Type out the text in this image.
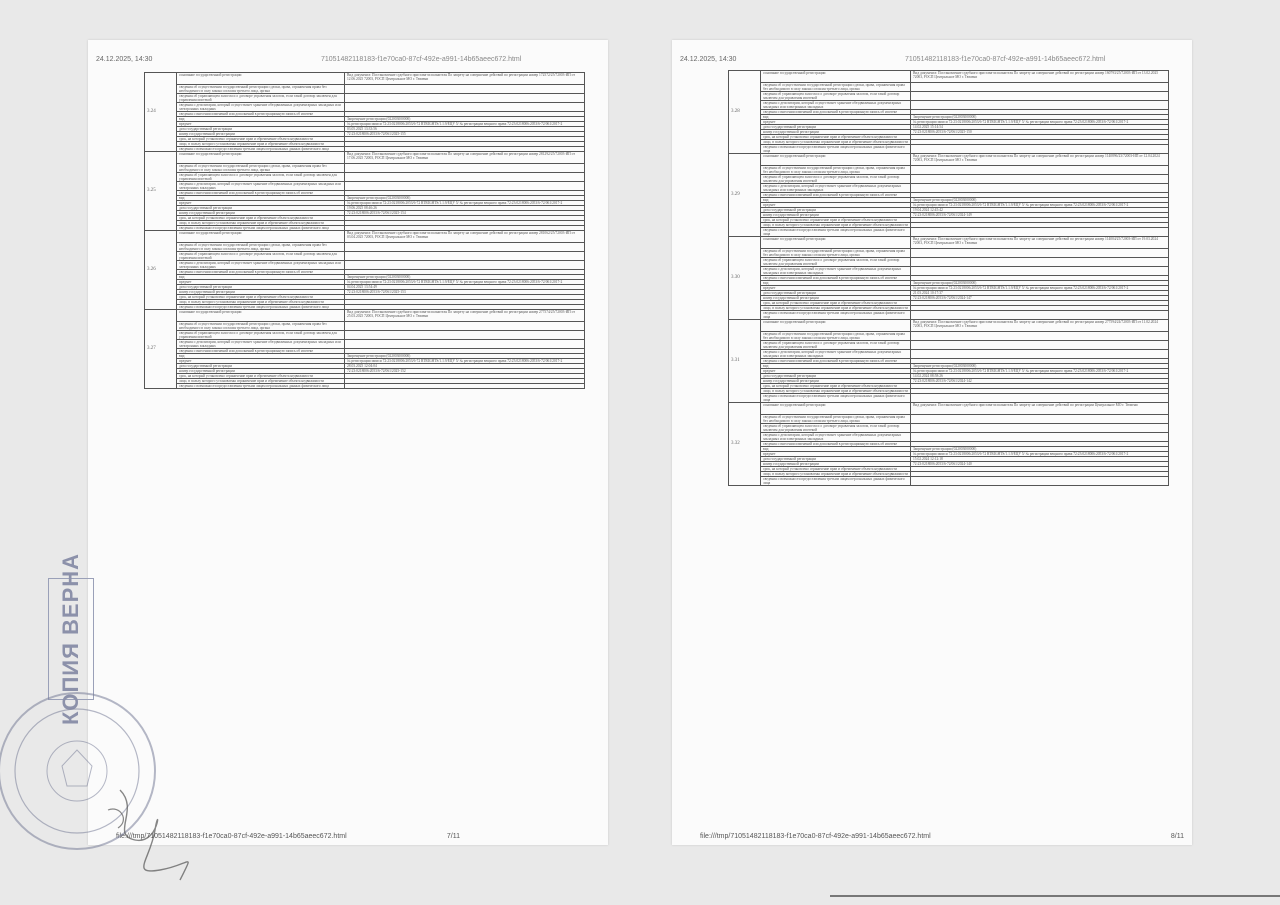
24.12.2025, 14:30	71051482118183-f1e70ca0-87cf-492e-a991-14b65aeec672.html
3.24	основание государственной регистрации	Вид документа: Постановление судебного пристава-исполнителя По запрету на совершение действий по регистрации номер 172572/25/72003-ИП от 12.06.2025 72003, РОСП Центральное МО г. Тюмени
	сведения об осуществлении государственной регистрации сделки, права, ограничения права без необходимого в силу закона согласия третьего лица, органа	
	сведения об управляющем залогом и о договоре управления залогом, если такой договор заключен для управления ипотекой	
	сведения о депозитарии, который осуществляет хранение обездвиженных документарных закладных или электронных закладных	
	сведения о внесении изменений или дополнений в регистрационную запись об ипотеке	
	вид	Запрещение регистрации (022003000000)
	предмет	№ регистрации записи 72:23:0218006:2053/6-72 RTRIGHTS/1.1.9/ЕЦУ 5/ № регистрации вещного права 72:23:0218006:2053/6-72/061/2017-2
	дата государственной регистрации	03.05.2025 13:33:56
	номер государственной регистрации	72:23:0218006:2053/6-72/061/2025-155
	срок, на который установлено ограничение прав и обременение объекта недвижимости	
	лицо, в пользу которого установлены ограничение прав и обременение объекта недвижимости	
	сведения о возможности предоставления третьим лицам персональных данных физического лица	
3.25	основание государственной регистрации	Вид документа: Постановление судебного пристава-исполнителя По запрету на совершение действий по регистрации номер 281292/25/72003-ИП от 17.06.2025 72003, РОСП Центральное МО г. Тюмени
	сведения об осуществлении государственной регистрации сделки, права, ограничения права без необходимого в силу закона согласия третьего лица, органа	
	сведения об управляющем залогом и о договоре управления залогом, если такой договор заключен для управления ипотекой	
	сведения о депозитарии, который осуществляет хранение обездвиженных документарных закладных или электронных закладных	
	сведения о внесении изменений или дополнений в регистрационную запись об ипотеке	
	вид	Запрещение регистрации (022003000000)
	предмет	№ регистрации записи 72:23:0218006:2053/6-72 RTRIGHTS/1.1.9/ЕЦУ 5/ № регистрации вещного права 72:23:0218006:2053/6-72/061/2017-2
	дата государственной регистрации	19.06.2025 08:46:26
	номер государственной регистрации	72:23:0218006:2053/6-72/061/2025-154
	срок, на который установлено ограничение прав и обременение объекта недвижимости	
	лицо, в пользу которого установлены ограничение прав и обременение объекта недвижимости	
	сведения о возможности предоставления третьим лицам персональных данных физического лица	
3.26	основание государственной регистрации	Вид документа: Постановление судебного пристава-исполнителя По запрету на совершение действий по регистрации номер 281062/25/72003-ИП от 03.04.2025 72003, РОСП Центральное МО г. Тюмени
	сведения об осуществлении государственной регистрации сделки, права, ограничения права без необходимого в силу закона согласия третьего лица, органа	
	сведения об управляющем залогом и о договоре управления залогом, если такой договор заключен для управления ипотекой	
	сведения о депозитарии, который осуществляет хранение обездвиженных документарных закладных или электронных закладных	
	сведения о внесении изменений или дополнений в регистрационную запись об ипотеке	
	вид	Запрещение регистрации (022003000000)
	предмет	№ регистрации записи 72:23:0218006:2053/6-72 RTRIGHTS/1.1.9/ЕЦУ 5/ № регистрации вещного права 72:23:0218006:2053/6-72/061/2017-2
	дата государственной регистрации	04.04.2025 13:54:49
	номер государственной регистрации	72:23:0218006:2053/6-72/061/2025-153
	срок, на который установлено ограничение прав и обременение объекта недвижимости	
	лицо, в пользу которого установлены ограничение прав и обременение объекта недвижимости	
	сведения о возможности предоставления третьим лицам персональных данных физического лица	
3.27	основание государственной регистрации	Вид документа: Постановление судебного пристава-исполнителя По запрету на совершение действий по регистрации номер 277574/25/72003-ИП от 25.03.2025 72003, РОСП Центральное МО г. Тюмени
	сведения об осуществлении государственной регистрации сделки, права, ограничения права без необходимого в силу закона согласия третьего лица, органа	
	сведения об управляющем залогом и о договоре управления залогом, если такой договор заключен для управления ипотекой	
	сведения о депозитарии, который осуществляет хранение обездвиженных документарных закладных или электронных закладных	
	сведения о внесении изменений или дополнений в регистрационную запись об ипотеке	
	вид	Запрещение регистрации (022003000000)
	предмет	№ регистрации записи 72:23:0218006:2053/6-72 RTRIGHTS/1.1.9/ЕЦУ 5/ № регистрации вещного права 72:23:0218006:2053/6-72/061/2017-2
	дата государственной регистрации	28.03.2025 12:04:04
	номер государственной регистрации	72:23:0218006:2053/6-72/061/2025-152
	срок, на который установлено ограничение прав и обременение объекта недвижимости	
	лицо, в пользу которого установлены ограничение прав и обременение объекта недвижимости	
	сведения о возможности предоставления третьим лицам персональных данных физического лица	
file:///tmp/71051482118183-f1e70ca0-87cf-492e-a991-14b65aeec672.html	7/11
24.12.2025, 14:30	71051482118183-f1e70ca0-87cf-492e-a991-14b65aeec672.html
3.28	основание государственной регистрации	Вид документа: Постановление судебного пристава-исполнителя По запрету на совершение действий по регистрации номер 160793/25/72003-ИП от 13.02.2025 72003, РОСП Центральное МО г. Тюмени
	сведения об осуществлении государственной регистрации сделки, права, ограничения права без необходимого в силу закона согласия третьего лица, органа	
	сведения об управляющем залогом и о договоре управления залогом, если такой договор заключен для управления ипотекой	
	сведения о депозитарии, который осуществляет хранение обездвиженных документарных закладных или электронных закладных	
	сведения о внесении изменений или дополнений в регистрационную запись об ипотеке	
	вид	Запрещение регистрации (022003000000)
	предмет	№ регистрации записи 72:23:0218006:2053/6-72 RTRIGHTS/1.1.9/ЕЦУ 5/ № регистрации вещного права 72:23:0218006:2053/6-72/061/2017-2
	дата государственной регистрации	14.02.2025 15:14:54
	номер государственной регистрации	72:23:0218006:2053/6-72/061/2025-150
	срок, на который установлено ограничение прав и обременение объекта недвижимости	
	лицо, в пользу которого установлены ограничение прав и обременение объекта недвижимости	
	сведения о возможности предоставления третьим лицам персональных данных физического лица	
3.29	основание государственной регистрации	Вид документа: Постановление судебного пристава-исполнителя По запрету на совершение действий по регистрации номер 1140896/23/72003-ИП от 12.04.2024 72003, РОСП Центральное МО г. Тюмени
	сведения об осуществлении государственной регистрации сделки, права, ограничения права без необходимого в силу закона согласия третьего лица, органа	
	сведения об управляющем залогом и о договоре управления залогом, если такой договор заключен для управления ипотекой	
	сведения о депозитарии, который осуществляет хранение обездвиженных документарных закладных или электронных закладных	
	сведения о внесении изменений или дополнений в регистрационную запись об ипотеке	
	вид	Запрещение регистрации (022003000000)
	предмет	№ регистрации записи 72:23:0218006:2053/6-72 RTRIGHTS/1.1.9/ЕЦУ 5/ № регистрации вещного права 72:23:0218006:2053/6-72/061/2017-2
	дата государственной регистрации	19.04.2024 12:45:42
	номер государственной регистрации	72:23:0218006:2053/6-72/061/2024-149
	срок, на который установлено ограничение прав и обременение объекта недвижимости	
	лицо, в пользу которого установлены ограничение прав и обременение объекта недвижимости	
	сведения о возможности предоставления третьим лицам персональных данных физического лица	
3.30	основание государственной регистрации	Вид документа: Постановление судебного пристава-исполнителя По запрету на совершение действий по регистрации номер 114004/25/72003-ИП от 19.03.2024 72003, РОСП Центральное МО г. Тюмени
	сведения об осуществлении государственной регистрации сделки, права, ограничения права без необходимого в силу закона согласия третьего лица, органа	
	сведения об управляющем залогом и о договоре управления залогом, если такой договор заключен для управления ипотекой	
	сведения о депозитарии, который осуществляет хранение обездвиженных документарных закладных или электронных закладных	
	сведения о внесении изменений или дополнений в регистрационную запись об ипотеке	
	вид	Запрещение регистрации (022003000000)
	предмет	№ регистрации записи 72:23:0218006:2053/6-72 RTRIGHTS/1.1.9/ЕЦУ 5/ № регистрации вещного права 72:23:0218006:2053/6-72/061/2017-2
	дата государственной регистрации	21.03.2024 10:17:37
	номер государственной регистрации	72:23:0218006:2053/6-72/061/2024-147
	срок, на который установлено ограничение прав и обременение объекта недвижимости	
	лицо, в пользу которого установлены ограничение прав и обременение объекта недвижимости	
	сведения о возможности предоставления третьим лицам персональных данных физического лица	
3.31	основание государственной регистрации	Вид документа: Постановление судебного пристава-исполнителя По запрету на совершение действий по регистрации номер 277594/24/72003-ИП от 11.02.2024 72003, РОСП Центральное МО г. Тюмени
	сведения об осуществлении государственной регистрации сделки, права, ограничения права без необходимого в силу закона согласия третьего лица, органа	
	сведения об управляющем залогом и о договоре управления залогом, если такой договор заключен для управления ипотекой	
	сведения о депозитарии, который осуществляет хранение обездвиженных документарных закладных или электронных закладных	
	сведения о внесении изменений или дополнений в регистрационную запись об ипотеке	
	вид	Запрещение регистрации (022003000000)
	предмет	№ регистрации записи 72:23:0218006:2053/6-72 RTRIGHTS/1.1.9/ЕЦУ 5/ № регистрации вещного права 72:23:0218006:2053/6-72/061/2017-2
	дата государственной регистрации	14.02.2024 08:58:26
	номер государственной регистрации	72:23:0218006:2053/6-72/061/2024-142
	срок, на который установлено ограничение прав и обременение объекта недвижимости	
	лицо, в пользу которого установлены ограничение прав и обременение объекта недвижимости	
	сведения о возможности предоставления третьим лицам персональных данных физического лица	
3.32	основание государственной регистрации	Вид документа: Постановление судебного пристава-исполнителя По запрету на совершение действий по регистрации Центральное МО г. Тюмени
	сведения об осуществлении государственной регистрации сделки, права, ограничения права без необходимого в силу закона согласия третьего лица, органа	
	сведения об управляющем залогом и о договоре управления залогом, если такой договор заключен для управления ипотекой	
	сведения о депозитарии, который осуществляет хранение обездвиженных документарных закладных или электронных закладных	
	сведения о внесении изменений или дополнений в регистрационную запись об ипотеке	
	вид	Запрещение регистрации (022003000000)
	предмет	№ регистрации записи 72:23:0218006:2053/6-72 RTRIGHTS/1.1.9/ЕЦУ 5/ № регистрации вещного права 72:23:0218006:2053/6-72/061/2017-2
	дата государственной регистрации	15.02.2024 12:12:18
	номер государственной регистрации	72:23:0218006:2053/6-72/061/2024-140
	срок, на который установлено ограничение прав и обременение объекта недвижимости	
	лицо, в пользу которого установлены ограничение прав и обременение объекта недвижимости	
	сведения о возможности предоставления третьим лицам персональных данных физического лица	
file:///tmp/71051482118183-f1e70ca0-87cf-492e-a991-14b65aeec672.html	8/11
КОПИЯ ВЕРНА
